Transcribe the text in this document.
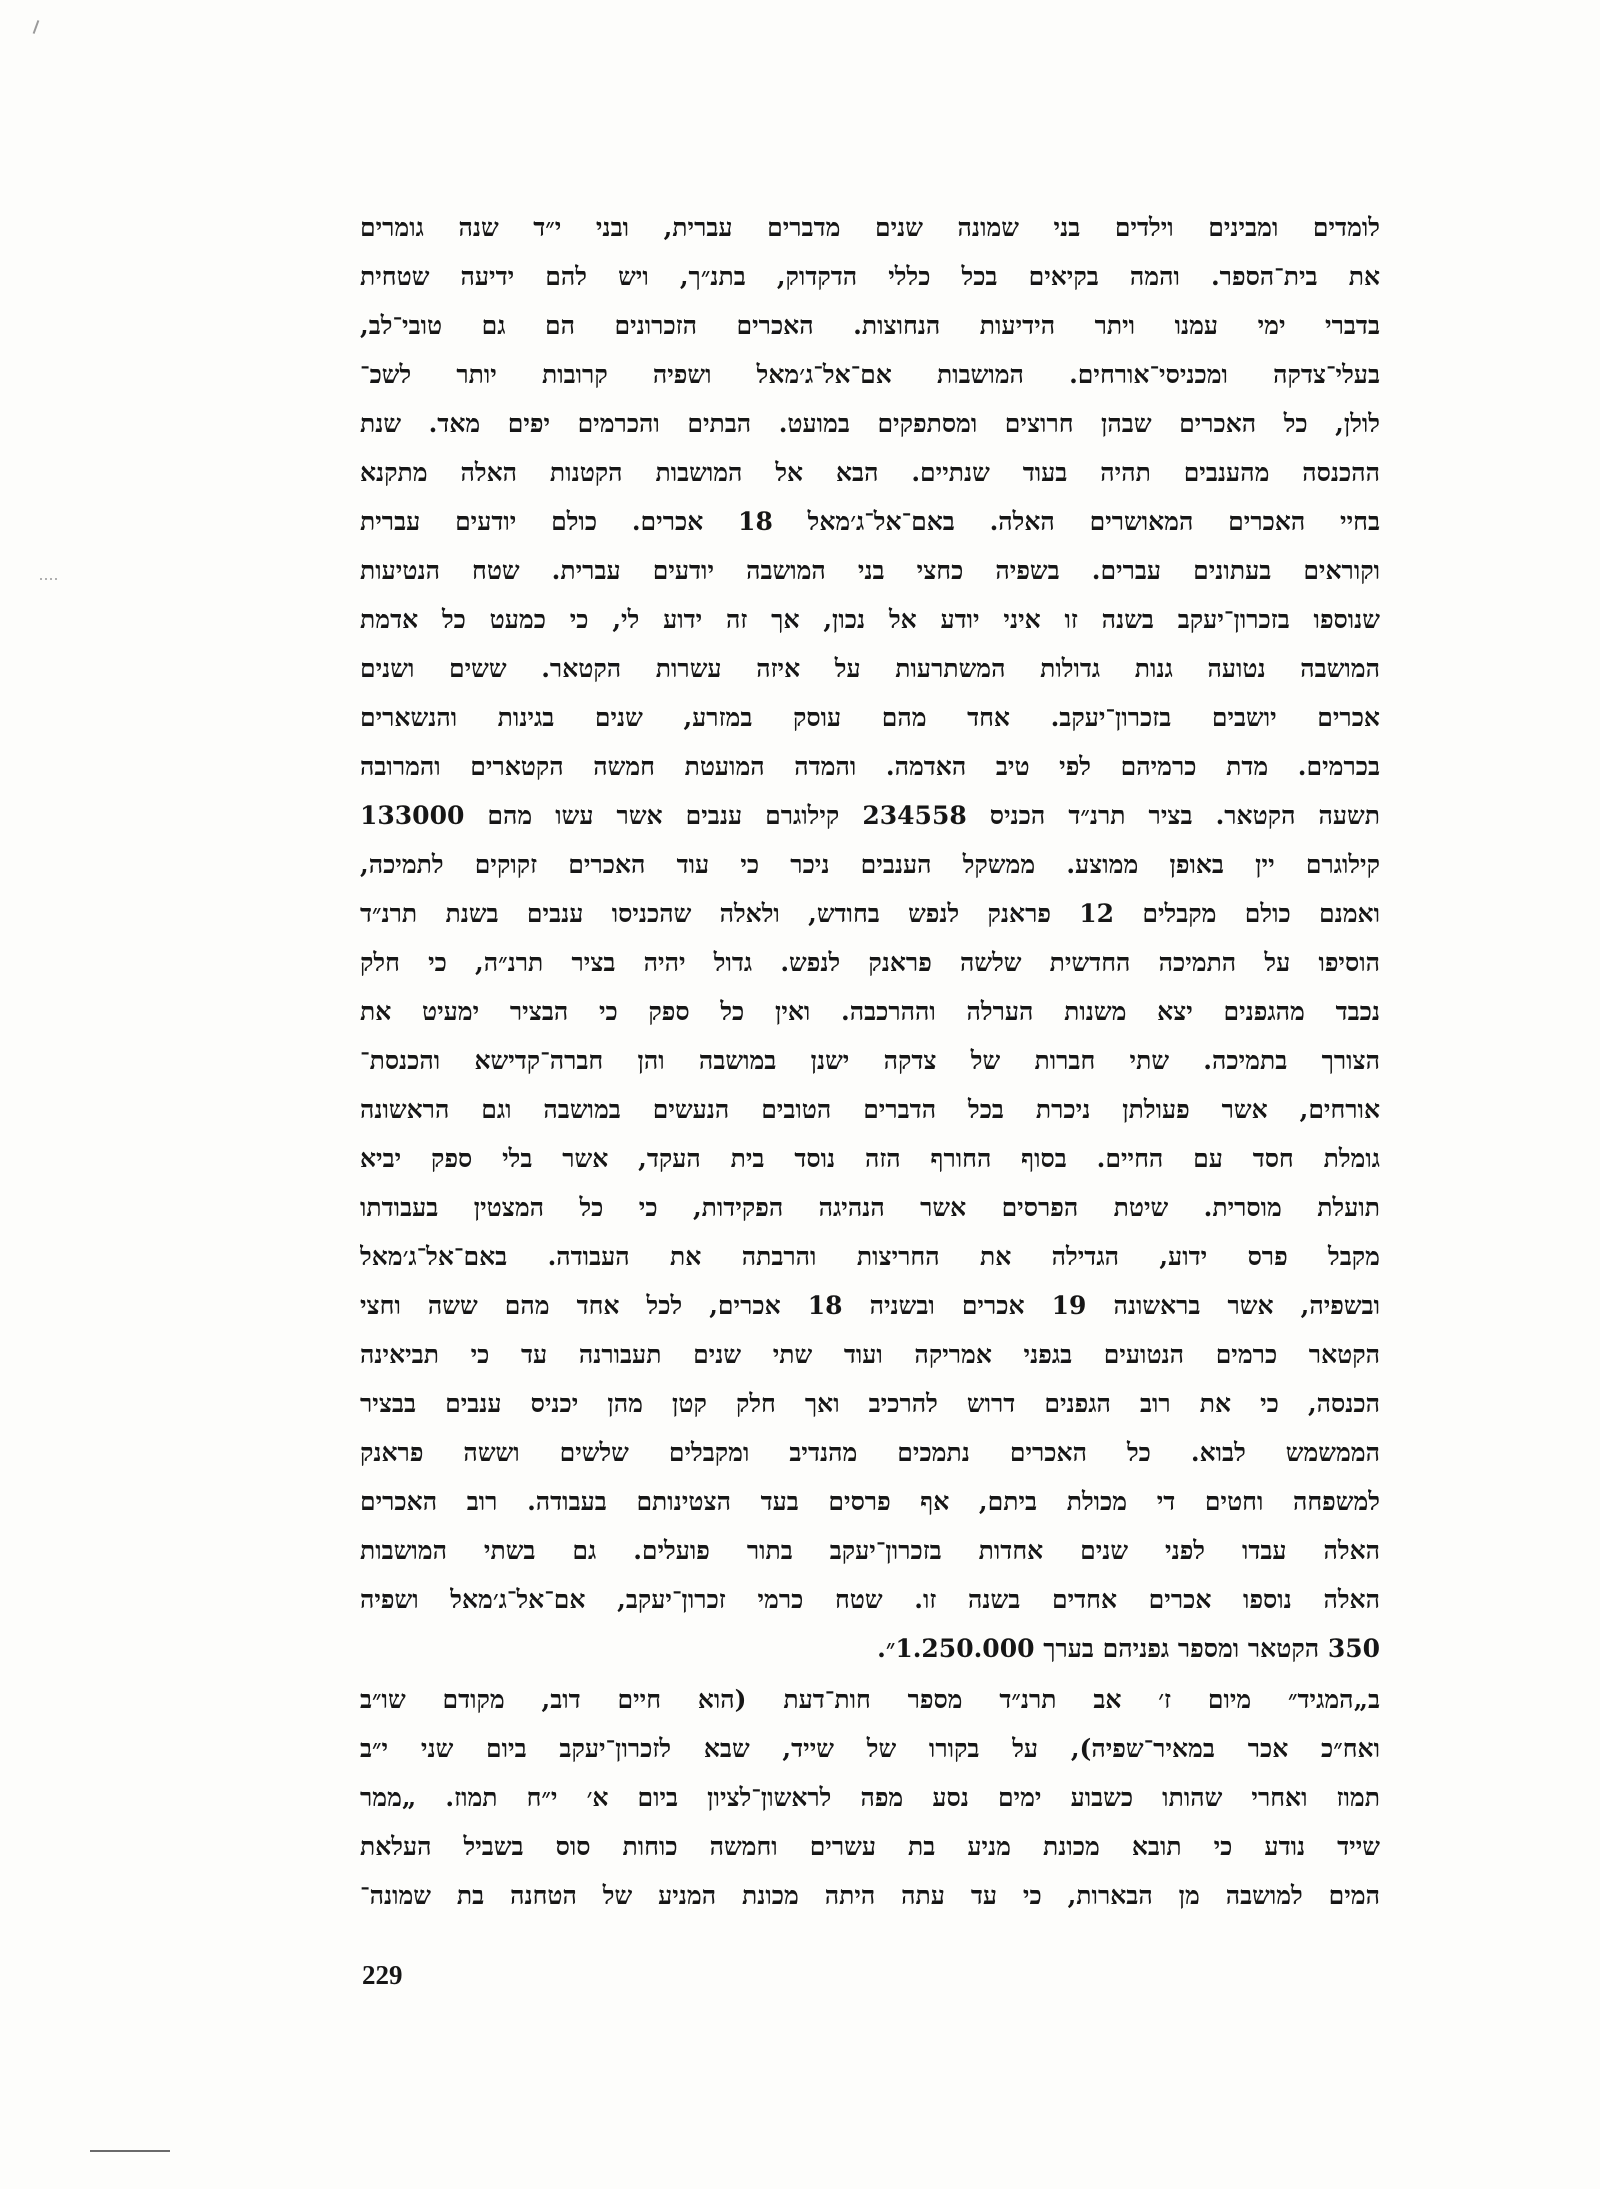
לומדים ומבינים וילדים בני שמונה שנים מדברים עברית, ובני י״ד שנה גומרים
את בית־הספר. והמה בקיאים בכל כללי הדקדוק, בתנ״ך, ויש להם ידיעה שטחית
בדברי ימי עמנו ויתר הידיעות הנחוצות. האכרים הזכרונים הם גם טובי־לב,
בעלי־צדקה ומכניסי־אורחים. המושבות אם־אל־ג׳מאל ושפיה קרובות יותר לשכ־
לולן, כל האכרים שבהן חרוצים ומסתפקים במועט. הבתים והכרמים יפים מאד. שנת
ההכנסה מהענבים תהיה בעוד שנתיים. הבא אל המושבות הקטנות האלה מתקנא
בחיי האכרים המאושרים האלה. באם־אל־ג׳מאל 18 אכרים. כולם יודעים עברית
וקוראים בעתונים עברים. בשפיה כחצי בני המושבה יודעים עברית. שטח הנטיעות
שנוספו בזכרון־יעקב בשנה זו איני יודע אל נכון, אך זה ידוע לי, כי כמעט כל אדמת
המושבה נטועה גנות גדולות המשתרעות על איזה עשרות הקטאר. ששים ושנים
אכרים יושבים בזכרון־יעקב. אחד מהם עוסק במזרע, שנים בגינות והנשארים
בכרמים. מדת כרמיהם לפי טיב האדמה. והמדה המועטת חמשה הקטארים והמרובה
תשעה הקטאר. בציר תרנ״ד הכניס 234558 קילוגרם ענבים אשר עשו מהם 133000
קילוגרם יין באופן ממוצע. ממשקל הענבים ניכר כי עוד האכרים זקוקים לתמיכה,
ואמנם כולם מקבלים 12 פראנק לנפש בחודש, ולאלה שהכניסו ענבים בשנת תרנ״ד
הוסיפו על התמיכה החדשית שלשה פראנק לנפש. גדול יהיה בציר תרנ״ה, כי חלק
נכבד מהגפנים יצא משנות הערלה וההרכבה. ואין כל ספק כי הבציר ימעיט את
הצורך בתמיכה. שתי חברות של צדקה ישנן במושבה והן חברה־קדישא והכנסת־
אורחים, אשר פעולתן ניכרת בכל הדברים הטובים הנעשים במושבה וגם הראשונה
גומלת חסד עם החיים. בסוף החורף הזה נוסד בית העקד, אשר בלי ספק יביא
תועלת מוסרית. שיטת הפרסים אשר הנהיגה הפקידות, כי כל המצטין בעבודתו
מקבל פרס ידוע, הגדילה את החריצות והרבתה את העבודה. באם־אל־ג׳מאל
ובשפיה, אשר בראשונה 19 אכרים ובשניה 18 אכרים, לכל אחד מהם ששה וחצי
הקטאר כרמים הנטועים בגפני אמריקה ועוד שתי שנים תעבורנה עד כי תביאינה
הכנסה, כי את רוב הגפנים דרוש להרכיב ואך חלק קטן מהן יכניס ענבים בבציר
הממשמש לבוא. כל האכרים נתמכים מהנדיב ומקבלים שלשים וששה פראנק
למשפחה וחטים די מכולת ביתם, אף פרסים בעד הצטינותם בעבודה. רוב האכרים
האלה עבדו לפני שנים אחדות בזכרון־יעקב בתור פועלים. גם בשתי המושבות
האלה נוספו אכרים אחדים בשנה זו. שטח כרמי זכרון־יעקב, אם־אל־ג׳מאל ושפיה
350 הקטאר ומספר גפניהם בערך 1.250.000״.
ב„המגיד״ מיום ז׳ אב תרנ״ד מספר חות־דעת (הוא חיים דוב, מקודם שו״ב
ואח״כ אכר במאיר־שפיה), על בקורו של שייד, שבא לזכרון־יעקב ביום שני י״ב
תמוז ואחרי שהותו כשבוע ימים נסע מפה לראשון־לציון ביום א׳ י״ח תמוז. „ממר
שייד נודע כי תובא מכונת מניע בת עשרים וחמשה כוחות סוס בשביל העלאת
המים למושבה מן הבארות, כי עד עתה היתה מכונת המניע של הטחנה בת שמונה־
229
